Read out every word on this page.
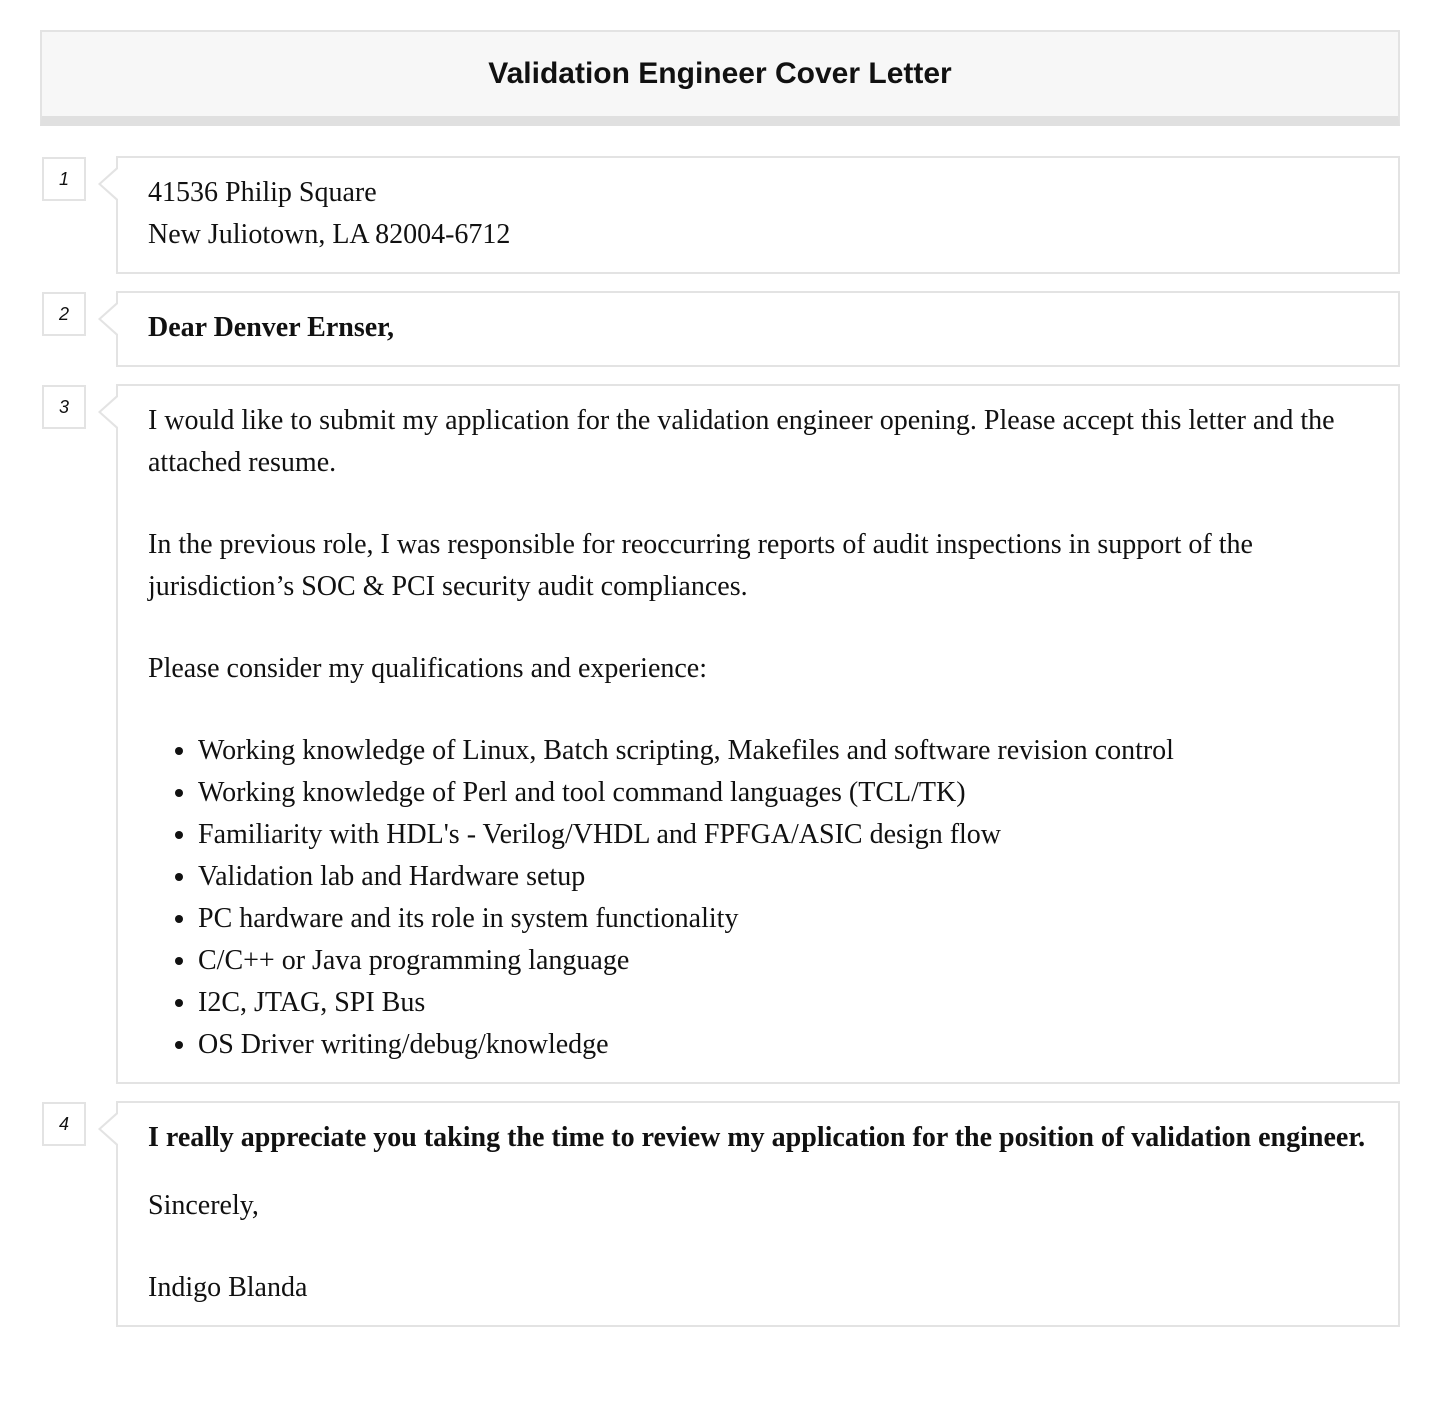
Validation Engineer Cover Letter
1	41536 Philip Square

New Juliotown, LA 82004-6712

2	Dear Denver Ernser,

3	I would like to submit my application for the validation engineer opening. Please accept this letter and the attached resume.

In the previous role, I was responsible for reoccurring reports of audit inspections in support of the jurisdiction’s SOC & PCI security audit compliances.

Please consider my qualifications and experience:

• Working knowledge of Linux, Batch scripting, Makefiles and software revision control
• Working knowledge of Perl and tool command languages (TCL/TK)
• Familiarity with HDL's - Verilog/VHDL and FPFGA/ASIC design flow
• Validation lab and Hardware setup
• PC hardware and its role in system functionality
• C/C++ or Java programming language
• I2C, JTAG, SPI Bus
• OS Driver writing/debug/knowledge
4	I really appreciate you taking the time to review my application for the position of validation engineer.

Sincerely,

Indigo Blanda
